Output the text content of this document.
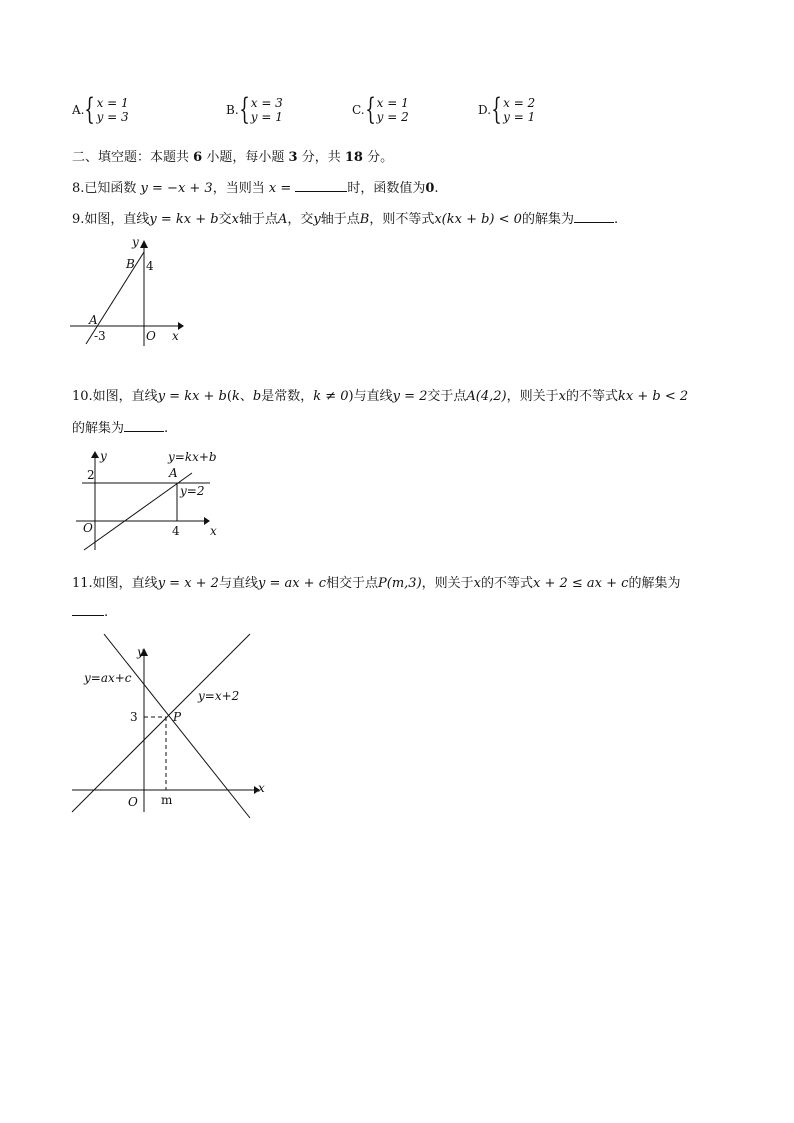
A. { x = 1
y = 3	B. { x = 3
y = 1	C. { x = 1
y = 2	D. { x = 2
y = 1
二、填空题：本题共 6 小题，每小题 3 分，共 18 分。
8.已知函数 y = −x + 3，当则当 x =	时，函数值为0.
9.如图，直线y = kx + b交x轴于点A，交y轴于点B，则不等式x(kx + b) < 0的解集为	.
y
B 4
A
-3	O x
10.如图，直线y = kx + b(k、b是常数，k ≠ 0)与直线y = 2交于点A(4,2)，则关于x的不等式kx + b < 2
的解集为	.
y
2
y=kx+b
A
y=2
O	4	x
11.如图，直线y = x + 2与直线y = ax + c相交于点P(m,3)，则关于x的不等式x + 2 ≤ ax + c的解集为
.
y
y=ax+c
y=x+2
3	P
O m
x
